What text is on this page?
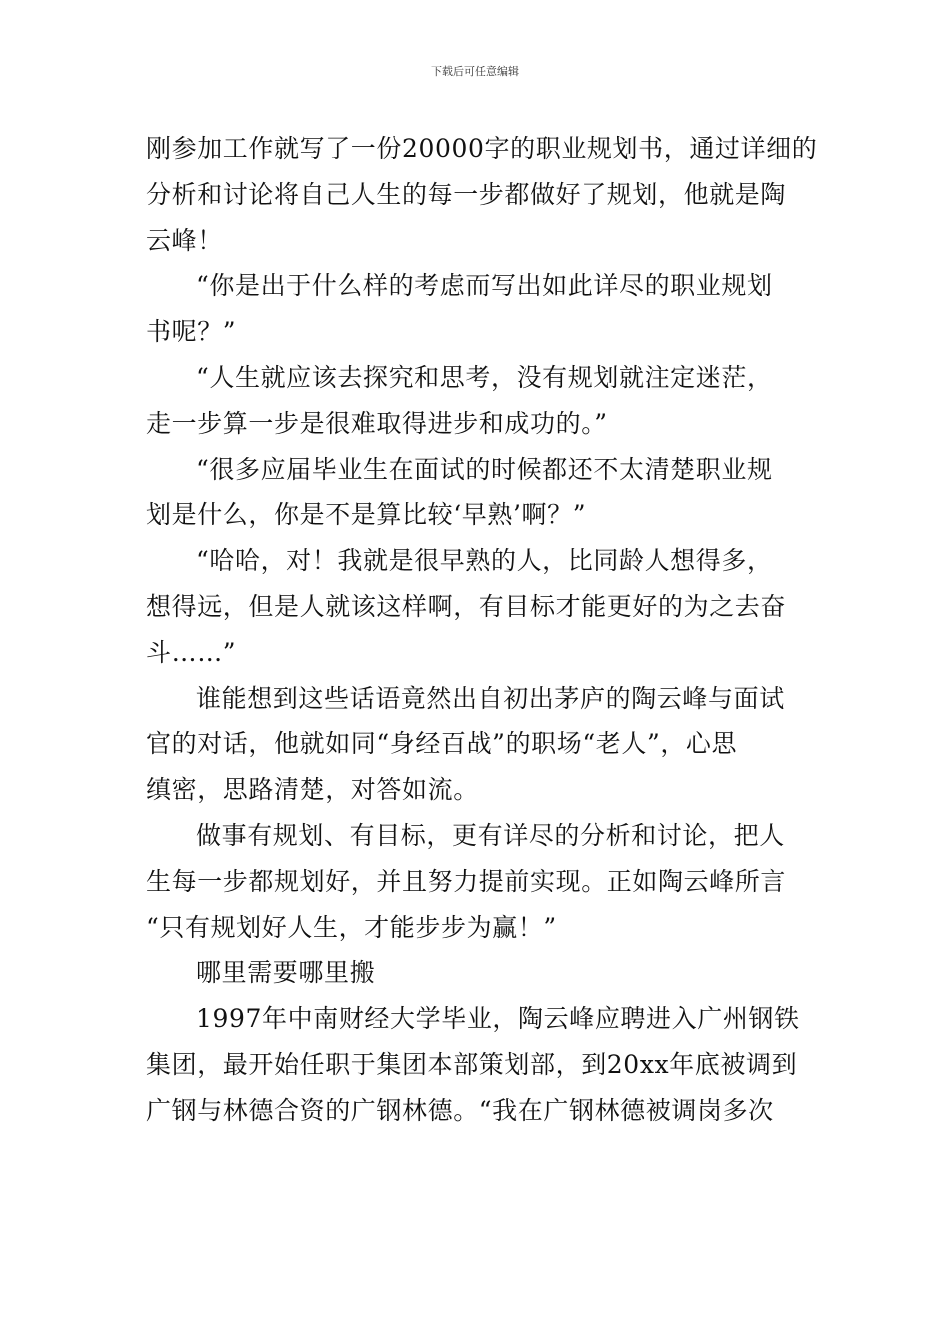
下载后可任意编辑

刚参加工作就写了一份20000字的职业规划书，通过详细的
分析和讨论将自己人生的每一步都做好了规划，他就是陶
云峰！

“你是出于什么样的考虑而写出如此详尽的职业规划
书呢？”

“人生就应该去探究和思考，没有规划就注定迷茫，
走一步算一步是很难取得进步和成功的。”

“很多应届毕业生在面试的时候都还不太清楚职业规
划是什么，你是不是算比较‘早熟’啊？”

“哈哈，对！我就是很早熟的人，比同龄人想得多，
想得远，但是人就该这样啊，有目标才能更好的为之去奋
斗……”

谁能想到这些话语竟然出自初出茅庐的陶云峰与面试
官的对话，他就如同“身经百战”的职场“老人”，心思
缜密，思路清楚，对答如流。

做事有规划、有目标，更有详尽的分析和讨论，把人
生每一步都规划好，并且努力提前实现。正如陶云峰所言
“只有规划好人生，才能步步为赢！”

哪里需要哪里搬

1997年中南财经大学毕业，陶云峰应聘进入广州钢铁
集团，最开始任职于集团本部策划部，到20xx年底被调到
广钢与林德合资的广钢林德。“我在广钢林德被调岗多次
